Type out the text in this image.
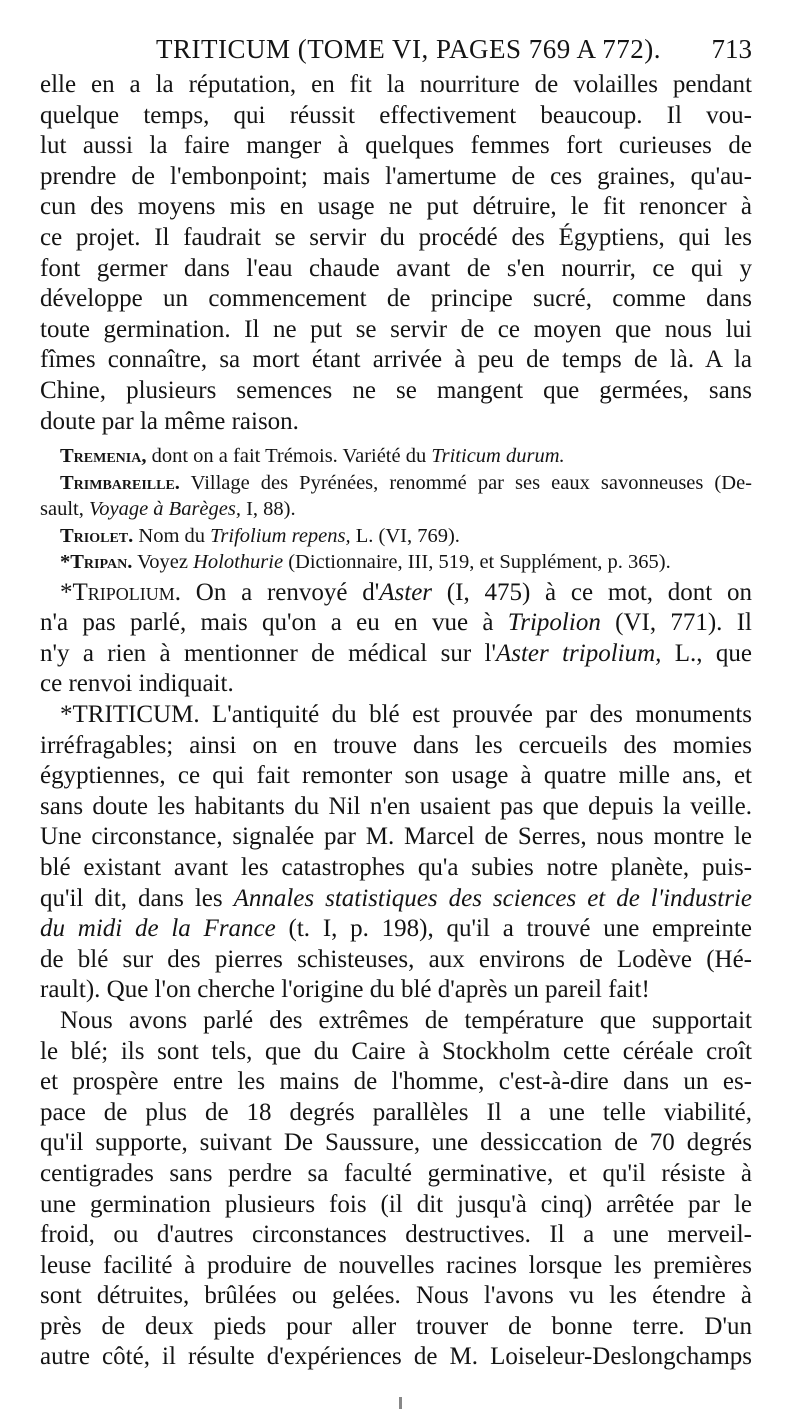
TRITICUM (TOME VI, PAGES 769 A 772). 713
elle en a la réputation, en fit la nourriture de volailles pendant
quelque temps, qui réussit effectivement beaucoup. Il vou-
lut aussi la faire manger à quelques femmes fort curieuses de
prendre de l'embonpoint; mais l'amertume de ces graines, qu'au-
cun des moyens mis en usage ne put détruire, le fit renoncer à
ce projet. Il faudrait se servir du procédé des Égyptiens, qui les
font germer dans l'eau chaude avant de s'en nourrir, ce qui y
développe un commencement de principe sucré, comme dans
toute germination. Il ne put se servir de ce moyen que nous lui
fîmes connaître, sa mort étant arrivée à peu de temps de là. A la
Chine, plusieurs semences ne se mangent que germées, sans
doute par la même raison.
Tremenia, dont on a fait Trémois. Variété du Triticum durum.
Trimbareille. Village des Pyrénées, renommé par ses eaux savonneuses (De-
sault, Voyage à Barèges, I, 88).
Triolet. Nom du Trifolium repens, L. (VI, 769).
*Tripan. Voyez Holothurie (Dictionnaire, III, 519, et Supplément, p. 365).
*Tripolium. On a renvoyé d'Aster (I, 475) à ce mot, dont on
n'a pas parlé, mais qu'on a eu en vue à Tripolion (VI, 771). Il
n'y a rien à mentionner de médical sur l'Aster tripolium, L., que
ce renvoi indiquait.
*TRITICUM. L'antiquité du blé est prouvée par des monuments
irréfragables; ainsi on en trouve dans les cercueils des momies
égyptiennes, ce qui fait remonter son usage à quatre mille ans, et
sans doute les habitants du Nil n'en usaient pas que depuis la veille.
Une circonstance, signalée par M. Marcel de Serres, nous montre le
blé existant avant les catastrophes qu'a subies notre planète, puis-
qu'il dit, dans les Annales statistiques des sciences et de l'industrie
du midi de la France (t. I, p. 198), qu'il a trouvé une empreinte
de blé sur des pierres schisteuses, aux environs de Lodève (Hé-
rault). Que l'on cherche l'origine du blé d'après un pareil fait!
Nous avons parlé des extrêmes de température que supportait
le blé; ils sont tels, que du Caire à Stockholm cette céréale croît
et prospère entre les mains de l'homme, c'est-à-dire dans un es-
pace de plus de 18 degrés parallèles Il a une telle viabilité,
qu'il supporte, suivant De Saussure, une dessiccation de 70 degrés
centigrades sans perdre sa faculté germinative, et qu'il résiste à
une germination plusieurs fois (il dit jusqu'à cinq) arrêtée par le
froid, ou d'autres circonstances destructives. Il a une merveil-
leuse facilité à produire de nouvelles racines lorsque les premières
sont détruites, brûlées ou gelées. Nous l'avons vu les étendre à
près de deux pieds pour aller trouver de bonne terre. D'un
autre côté, il résulte d'expériences de M. Loiseleur-Deslongchamps
